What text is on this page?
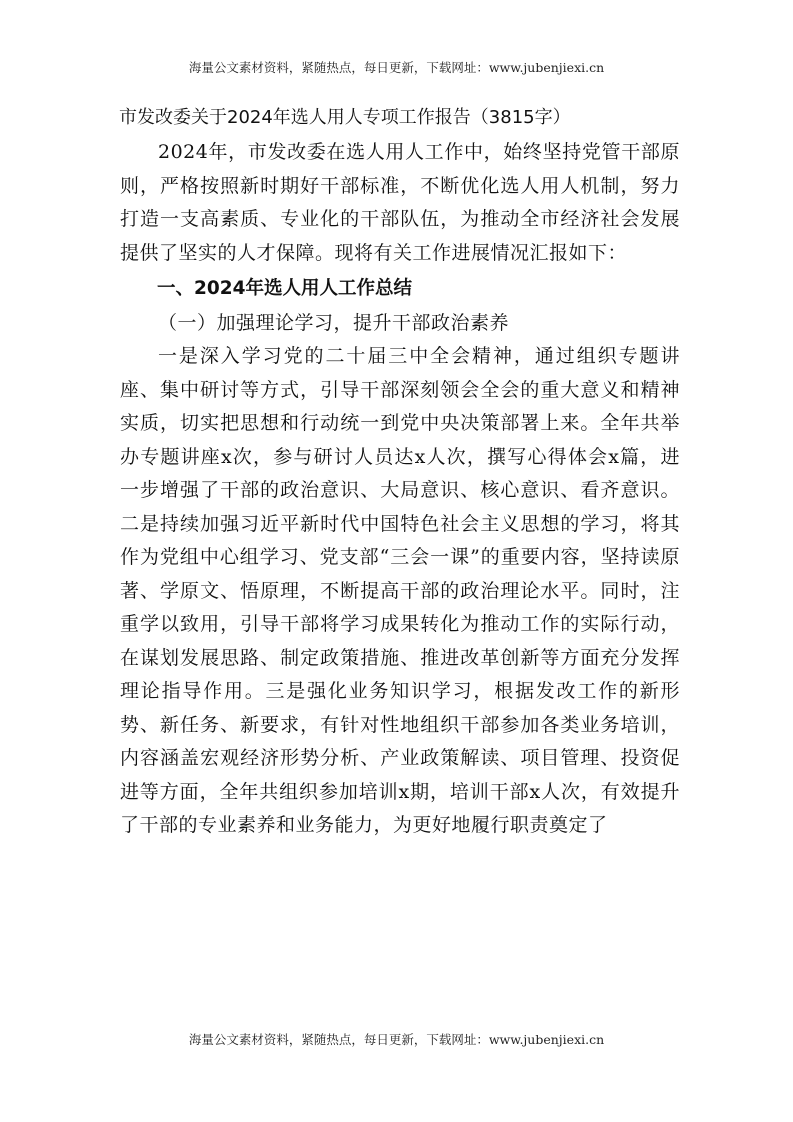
海量公文素材资料，紧随热点，每日更新，下载网址：www.jubenjiexi.cn
市发改委关于2024年选人用人专项工作报告（3815字）

2024年，市发改委在选人用人工作中，始终坚持党管干部原则，严格按照新时期好干部标准，不断优化选人用人机制，努力打造一支高素质、专业化的干部队伍，为推动全市经济社会发展提供了坚实的人才保障。现将有关工作进展情况汇报如下：

一、2024年选人用人工作总结
（一）加强理论学习，提升干部政治素养

一是深入学习党的二十届三中全会精神，通过组织专题讲座、集中研讨等方式，引导干部深刻领会全会的重大意义和精神实质，切实把思想和行动统一到党中央决策部署上来。全年共举办专题讲座x次，参与研讨人员达x人次，撰写心得体会x篇，进一步增强了干部的政治意识、大局意识、核心意识、看齐意识。二是持续加强习近平新时代中国特色社会主义思想的学习，将其作为党组中心组学习、党支部“三会一课”的重要内容，坚持读原著、学原文、悟原理，不断提高干部的政治理论水平。同时，注重学以致用，引导干部将学习成果转化为推动工作的实际行动，在谋划发展思路、制定政策措施、推进改革创新等方面充分发挥理论指导作用。三是强化业务知识学习，根据发改工作的新形势、新任务、新要求，有针对性地组织干部参加各类业务培训，内容涵盖宏观经济形势分析、产业政策解读、项目管理、投资促进等方面，全年共组织参加培训x期，培训干部x人次，有效提升了干部的专业素养和业务能力，为更好地履行职责奠定了

海量公文素材资料，紧随热点，每日更新，下载网址：www.jubenjiexi.cn
